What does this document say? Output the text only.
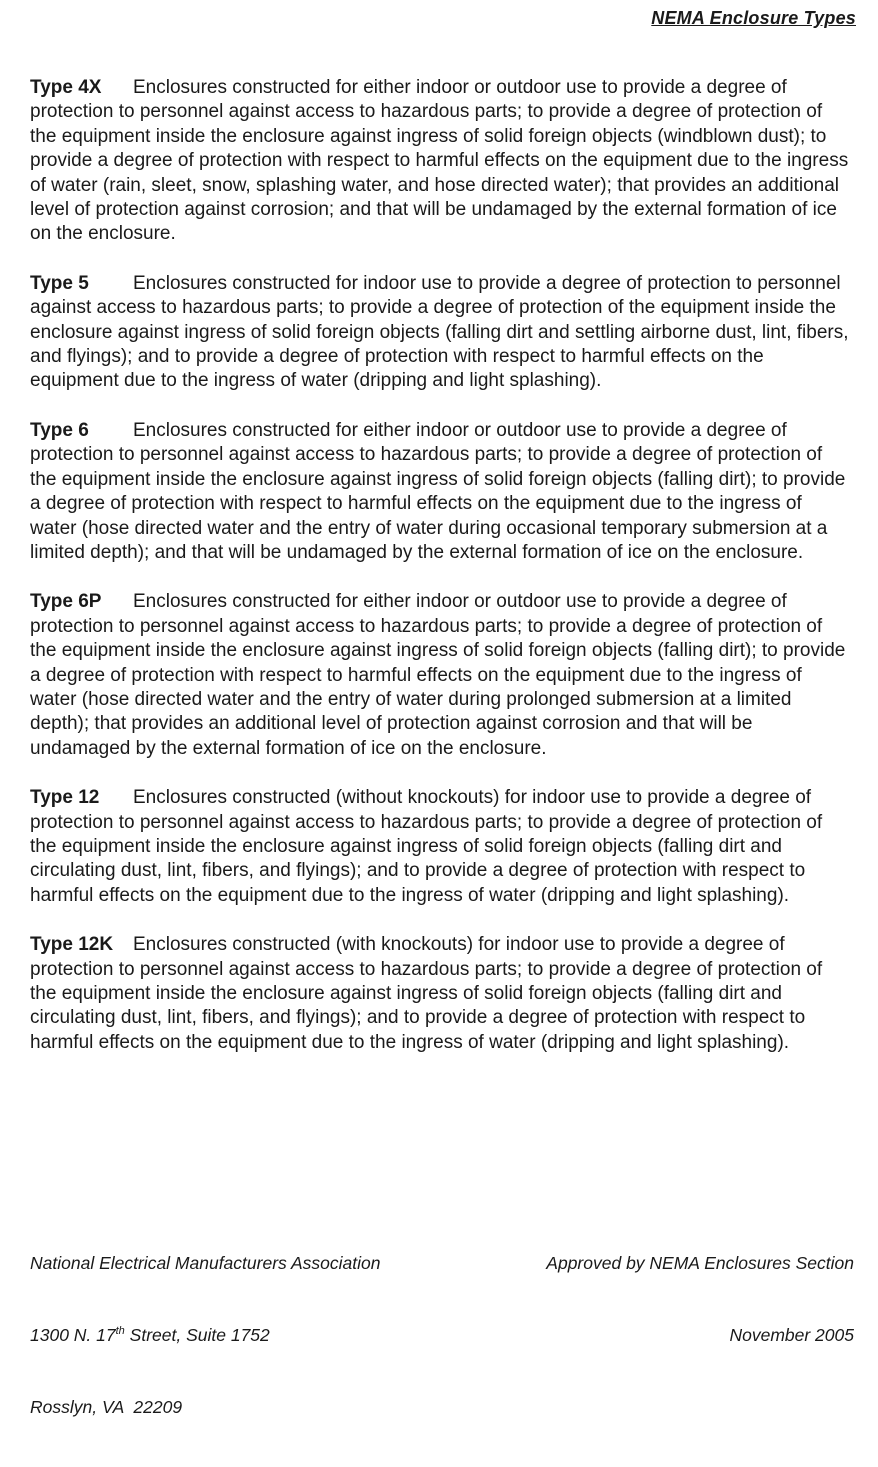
NEMA Enclosure Types

Type 4X Enclosures constructed for either indoor or outdoor use to provide a degree of protection to personnel against access to hazardous parts; to provide a degree of protection of the equipment inside the enclosure against ingress of solid foreign objects (windblown dust); to provide a degree of protection with respect to harmful effects on the equipment due to the ingress of water (rain, sleet, snow, splashing water, and hose directed water); that provides an additional level of protection against corrosion; and that will be undamaged by the external formation of ice on the enclosure.

Type 5 Enclosures constructed for indoor use to provide a degree of protection to personnel against access to hazardous parts; to provide a degree of protection of the equipment inside the enclosure against ingress of solid foreign objects (falling dirt and settling airborne dust, lint, fibers, and flyings); and to provide a degree of protection with respect to harmful effects on the equipment due to the ingress of water (dripping and light splashing).

Type 6 Enclosures constructed for either indoor or outdoor use to provide a degree of protection to personnel against access to hazardous parts; to provide a degree of protection of the equipment inside the enclosure against ingress of solid foreign objects (falling dirt); to provide a degree of protection with respect to harmful effects on the equipment due to the ingress of water (hose directed water and the entry of water during occasional temporary submersion at a limited depth); and that will be undamaged by the external formation of ice on the enclosure.

Type 6P Enclosures constructed for either indoor or outdoor use to provide a degree of protection to personnel against access to hazardous parts; to provide a degree of protection of the equipment inside the enclosure against ingress of solid foreign objects (falling dirt); to provide a degree of protection with respect to harmful effects on the equipment due to the ingress of water (hose directed water and the entry of water during prolonged submersion at a limited depth); that provides an additional level of protection against corrosion and that will be undamaged by the external formation of ice on the enclosure.

Type 12 Enclosures constructed (without knockouts) for indoor use to provide a degree of protection to personnel against access to hazardous parts; to provide a degree of protection of the equipment inside the enclosure against ingress of solid foreign objects (falling dirt and circulating dust, lint, fibers, and flyings); and to provide a degree of protection with respect to harmful effects on the equipment due to the ingress of water (dripping and light splashing).

Type 12K Enclosures constructed (with knockouts) for indoor use to provide a degree of protection to personnel against access to hazardous parts; to provide a degree of protection of the equipment inside the enclosure against ingress of solid foreign objects (falling dirt and circulating dust, lint, fibers, and flyings); and to provide a degree of protection with respect to harmful effects on the equipment due to the ingress of water (dripping and light splashing).

National Electrical Manufacturers Association

1300 N. 17th Street, Suite 1752

Rosslyn, VA  22209

Approved by NEMA Enclosures Section

November 2005
